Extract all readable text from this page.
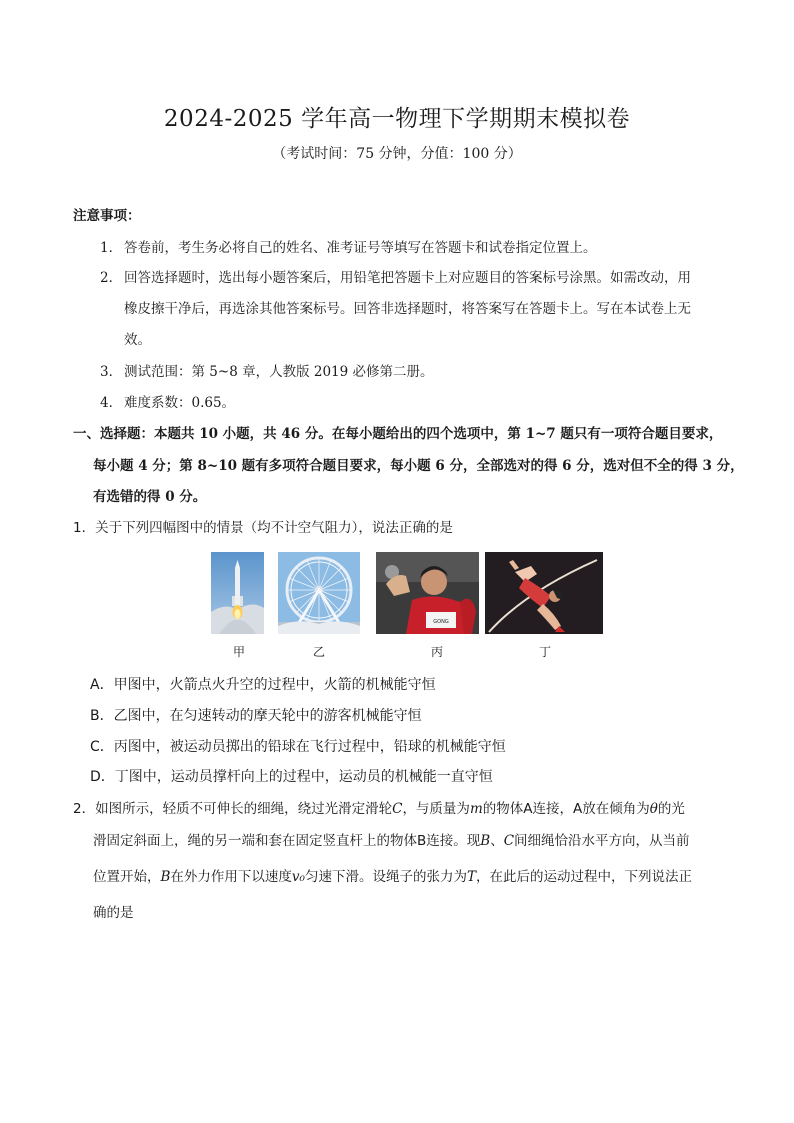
2024-2025 学年高一物理下学期期末模拟卷
（考试时间：75 分钟，分值：100 分）
注意事项：
1． 答卷前，考生务必将自己的姓名、准考证号等填写在答题卡和试卷指定位置上。
2． 回答选择题时，选出每小题答案后，用铅笔把答题卡上对应题目的答案标号涂黑。如需改动，用
橡皮擦干净后，再选涂其他答案标号。回答非选择题时，将答案写在答题卡上。写在本试卷上无
效。
3． 测试范围：第 5~8 章，人教版 2019 必修第二册。
4． 难度系数：0.65。
一、选择题：本题共 10 小题，共 46 分。在每小题给出的四个选项中，第 1~7 题只有一项符合题目要求，
每小题 4 分；第 8~10 题有多项符合题目要求，每小题 6 分，全部选对的得 6 分，选对但不全的得 3 分，
有选错的得 0 分。
1．关于下列四幅图中的情景（均不计空气阻力），说法正确的是
GONG
甲	乙	丙	丁
A．甲图中，火箭点火升空的过程中，火箭的机械能守恒
B．乙图中，在匀速转动的摩天轮中的游客机械能守恒
C．丙图中，被运动员掷出的铅球在飞行过程中，铅球的机械能守恒
D．丁图中，运动员撑杆向上的过程中，运动员的机械能一直守恒
2．如图所示，轻质不可伸长的细绳，绕过光滑定滑轮C，与质量为m的物体A连接，A放在倾角为θ的光
滑固定斜面上，绳的另一端和套在固定竖直杆上的物体B连接。现B、C间细绳恰沿水平方向，从当前
位置开始，B在外力作用下以速度v₀匀速下滑。设绳子的张力为T，在此后的运动过程中，下列说法正
确的是
